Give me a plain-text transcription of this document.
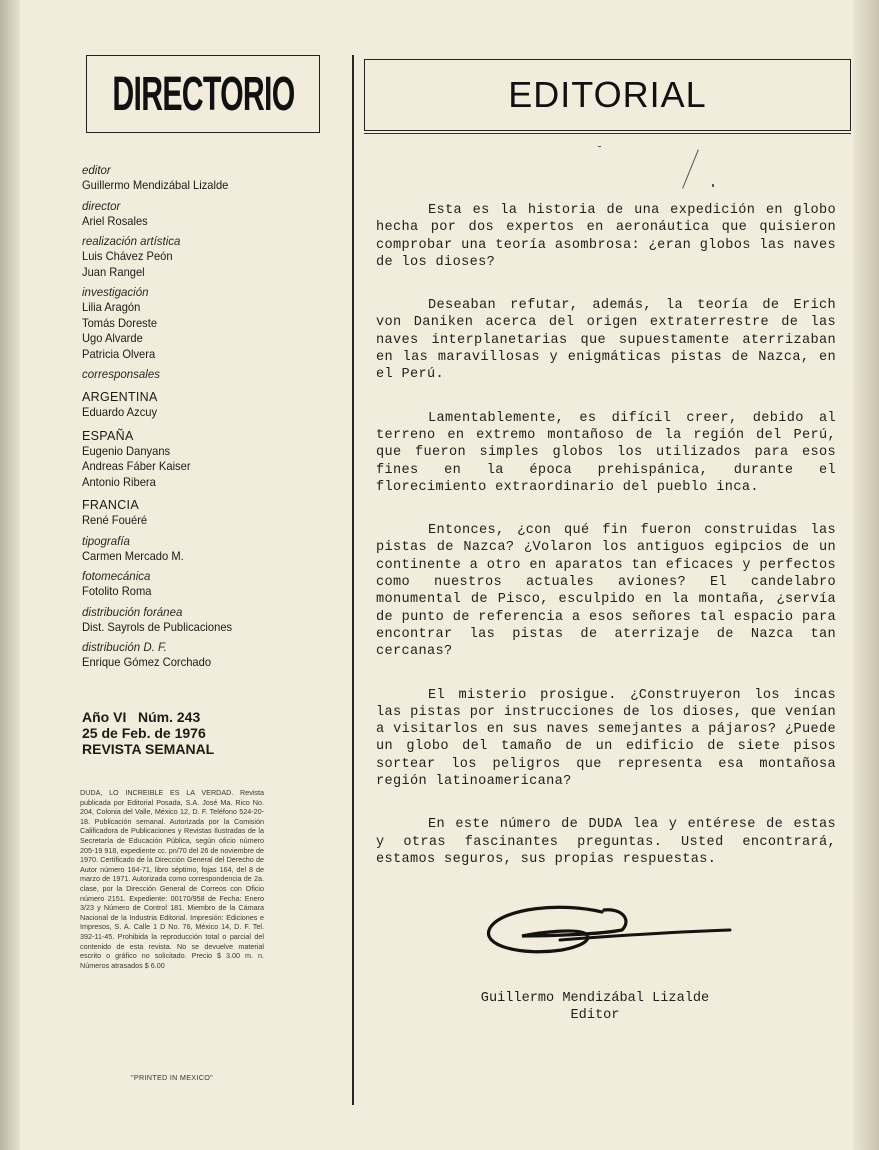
DIRECTORIO
editor
Guillermo Mendizábal Lizalde
director
Ariel Rosales
realización artística
Luis Chávez Peón
Juan Rangel
investigación
Lilia Aragón
Tomás Doreste
Ugo Alvarde
Patricia Olvera
corresponsales
ARGENTINA
Eduardo Azcuy
ESPAÑA
Eugenio Danyans
Andreas Fáber Kaiser
Antonio Ribera
FRANCIA
René Fouéré
tipografía
Carmen Mercado M.
fotomecánica
Fotolito Roma
distribución foránea
Dist. Sayrols de Publicaciones
distribución D. F.
Enrique Gómez Corchado
Año VI   Núm. 243
25 de Feb. de 1976
REVISTA SEMANAL
DUDA, LO INCREIBLE ES LA VERDAD. Revista publicada por Editorial Posada, S.A. José Ma. Rico No. 204, Colonia del Valle, México 12, D. F. Teléfono 524-20-18. Publicación semanal. Autorizada por la Comisión Calificadora de Publicaciones y Revistas Ilustradas de la Secretaría de Educación Pública, según oficio número 205-19 918, expediente cc. pn/70 del 26 de noviembre de 1970. Certificado de la Dirección General del Derecho de Autor número 164-71, libro séptimo, fojas 164, del 8 de marzo de 1971. Autorizada como correspondencia de 2a. clase, por la Dirección General de Correos con Oficio número 2151. Expediente: 00170/958 de Fecha: Enero 3/23 y Número de Control 181. Miembro de la Cámara Nacional de la Industria Editorial. Impresión: Ediciones e Impresos, S. A. Calle 1 D No. 76, México 14, D. F. Tel. 392-11-45. Prohibida la reproducción total o parcial del contenido de esta revista. No se devuelve material escrito o gráfico no solicitado. Precio $ 3.00 m. n. Números atrasados $ 6.00
"PRINTED IN MEXICO"
EDITORIAL

Esta es la historia de una expedición en globo hecha por dos expertos en aeronáutica que quisieron comprobar una teoría asombrosa: ¿eran globos las naves de los dioses?

Deseaban refutar, además, la teoría de Erich von Daniken acerca del origen extraterrestre de las naves interplanetarias que supuestamente aterrizaban en las maravillosas y enigmáticas pistas de Nazca, en el Perú.

Lamentablemente, es difícil creer, debido al terreno en extremo montañoso de la región del Perú, que fueron simples globos los utilizados para esos fines en la época prehispánica, durante el florecimiento extraordinario del pueblo inca.

Entonces, ¿con qué fin fueron construidas las pistas de Nazca? ¿Volaron los antiguos egipcios de un continente a otro en aparatos tan eficaces y perfectos como nuestros actuales aviones? El candelabro monumental de Pisco, esculpido en la montaña, ¿servía de punto de referencia a esos señores tal espacio para encontrar las pistas de aterrizaje de Nazca tan cercanas?

El misterio prosigue. ¿Construyeron los incas las pistas por instrucciones de los dioses, que venían a visitarlos en sus naves semejantes a pájaros? ¿Puede un globo del tamaño de un edificio de siete pisos sortear los peligros que representa esa montañosa región latinoamericana?

En este número de DUDA lea y entérese de estas y otras fascinantes preguntas. Usted encontrará, estamos seguros, sus propias respuestas.

Guillermo Mendizábal Lizalde
Editor
